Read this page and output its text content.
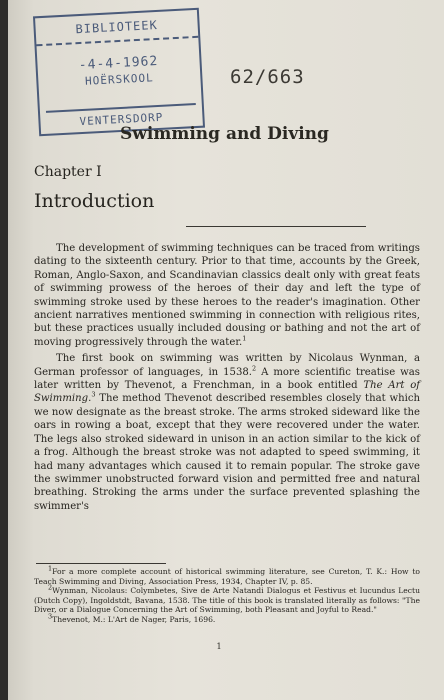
BIBLIOTEEK
-4-4-1962
HOËRSKOOL
VENTERSDORP
62/663
Swimming and Diving
Chapter I
Introduction

The development of swimming techniques can be traced from writings dating to the sixteenth century. Prior to that time, accounts by the Greek, Roman, Anglo-Saxon, and Scandinavian classics dealt only with great feats of swimming prowess of the heroes of their day and left the type of swimming stroke used by these heroes to the reader's imagination. Other ancient narratives mentioned swimming in connection with religious rites, but these practices usually included dousing or bathing and not the art of moving progressively through the water.$^1$

The first book on swimming was written by Nicolaus Wynman, a German professor of languages, in 1538.$^2$ A more scientific treatise was later written by Thevenot, a Frenchman, in a book entitled The Art of Swimming.$^3$ The method Thevenot described resembles closely that which we now designate as the breast stroke. The arms stroked sideward like the oars in rowing a boat, except that they were recovered under the water. The legs also stroked sideward in unison in an action similar to the kick of a frog. Although the breast stroke was not adapted to speed swimming, it had many advantages which caused it to remain popular. The stroke gave the swimmer unobstructed forward vision and permitted free and natural breathing. Stroking the arms under the surface prevented splashing the swimmer's

$^1$For a more complete account of historical swimming literature, see Cureton, T. K.: How to Teach Swimming and Diving, Association Press, 1934, Chapter IV, p. 85.

$^2$Wynman, Nicolaus: Colymbetes, Sive de Arte Natandi Dialogus et Festivus et Iucundus Lectu (Dutch Copy), Ingoldstdt, Bavana, 1538. The title of this book is translated literally as follows: "The Diver, or a Dialogue Concerning the Art of Swimming, both Pleasant and Joyful to Read."

$^3$Thevenot, M.: L'Art de Nager, Paris, 1696.

1
